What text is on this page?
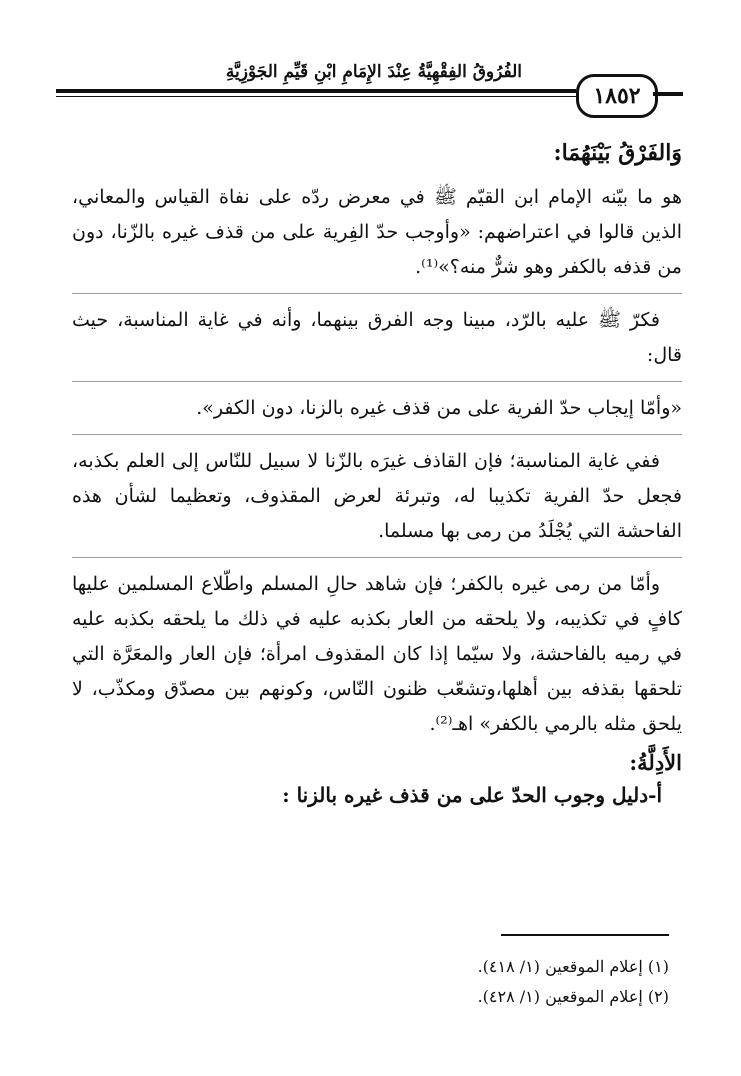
الفُرُوقُ الفِقْهِيَّةُ عِنْدَ الإِمَامِ ابْنِ قَيِّمِ الجَوْزِيَّةِ
١٨٥٢
وَالفَرْقُ بَيْنَهُمَا:

هو ما بيّنه الإمام ابن القيّم ﷺ في معرض ردّه على نفاة القياس والمعاني، الذين قالوا في اعتراضهم: «وأوجب حدّ الفِرية على من قذف غيره بالزّنا، دون من قذفه بالكفر وهو شرٌّ منه؟»⁽¹⁾.

فكرّ ﷺ عليه بالرّد، مبينا وجه الفرق بينهما، وأنه في غاية المناسبة، حيث قال:

«وأمّا إيجاب حدّ الفرية على من قذف غيره بالزنا، دون الكفر».

ففي غاية المناسبة؛ فإن القاذف غيرَه بالزّنا لا سبيل للنّاس إلى العلم بكذبه، فجعل حدّ الفرية تكذيبا له، وتبرئة لعرض المقذوف، وتعظيما لشأن هذه الفاحشة التي يُجْلَدُ من رمى بها مسلما.

وأمّا من رمى غيره بالكفر؛ فإن شاهد حالِ المسلم واطّلاع المسلمين عليها كافٍ في تكذيبه، ولا يلحقه من العار بكذبه عليه في ذلك ما يلحقه بكذبه عليه في رميه بالفاحشة، ولا سيّما إذا كان المقذوف امرأة؛ فإن العار والمعَرَّة التي تلحقها بقذفه بين أهلها،وتشعّب ظنون النّاس، وكونهم بين مصدّق ومكذّب، لا يلحق مثله بالرمي بالكفر» اهـ⁽²⁾.

الأَدِلَّةُ:
أ-دليل وجوب الحدّ على من قذف غيره بالزنا :

(١) إعلام الموقعين (١/ ٤١٨).

(٢) إعلام الموقعين (١/ ٤٢٨).
